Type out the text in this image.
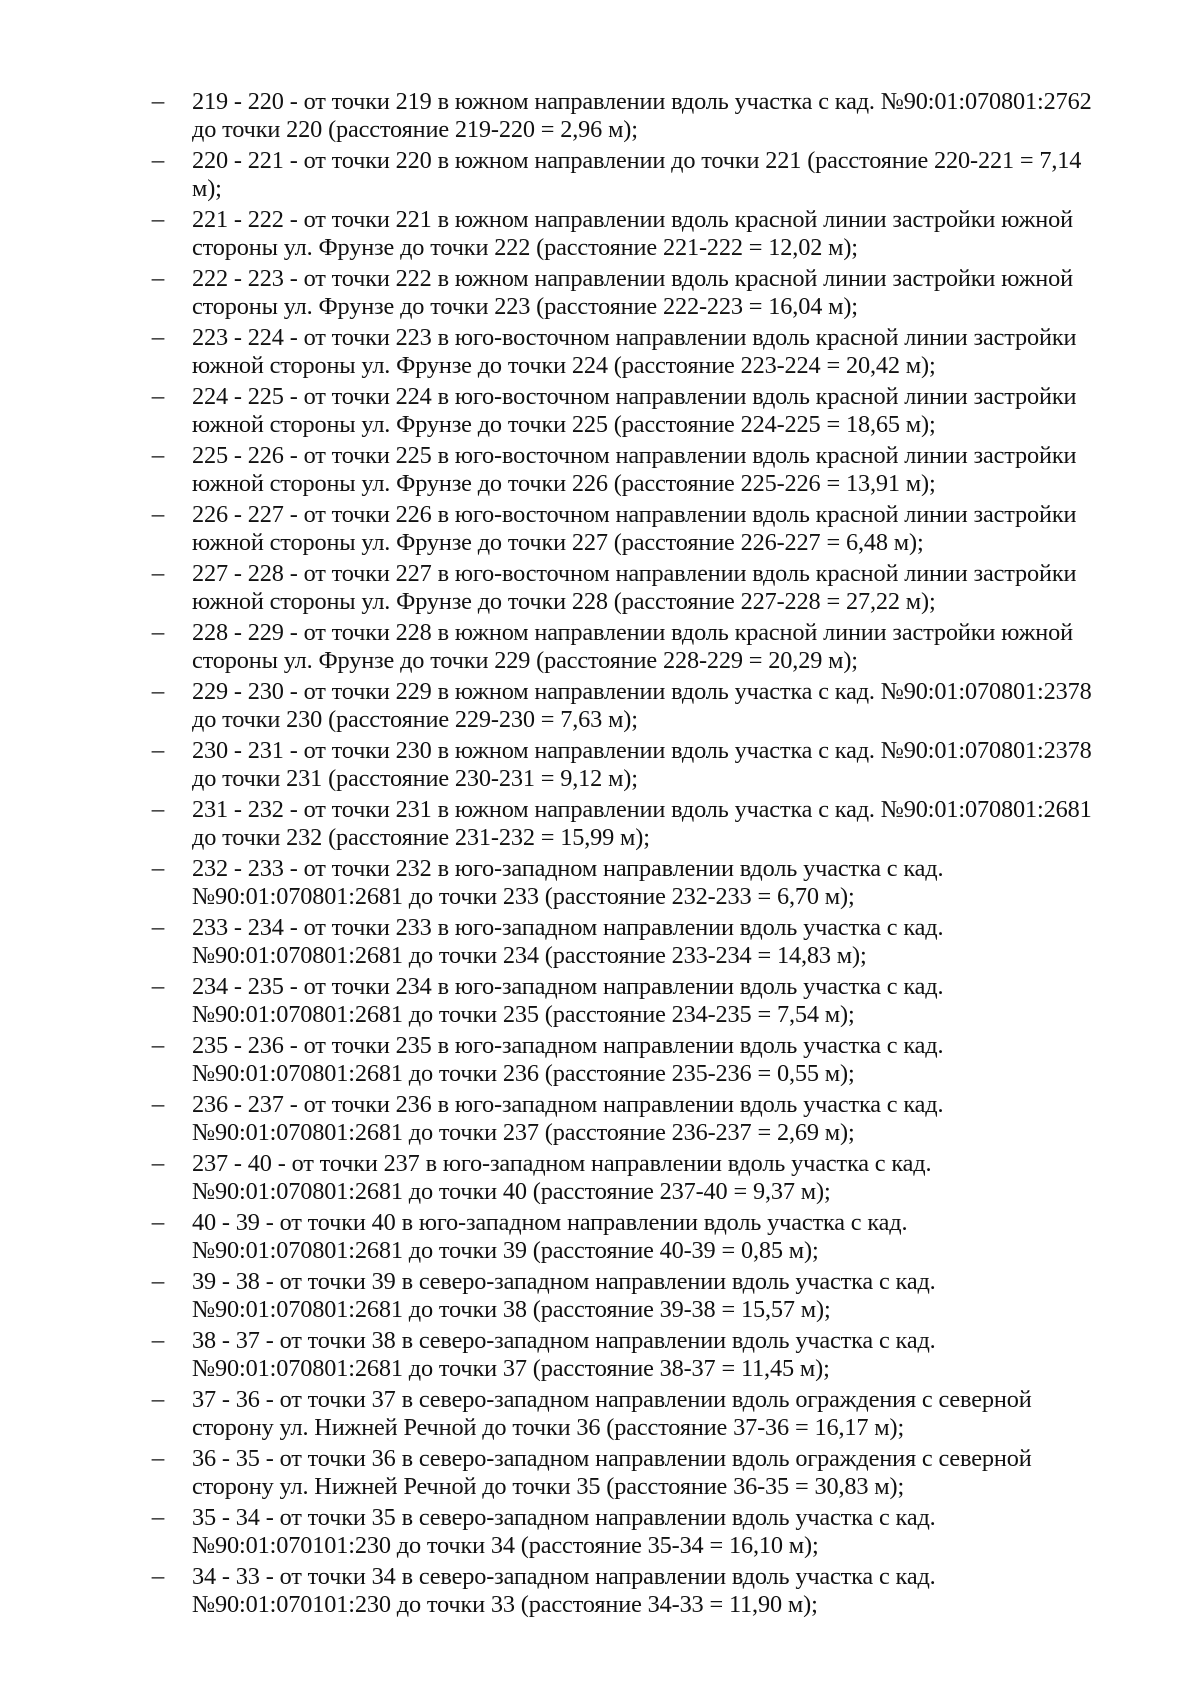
– 219 - 220 - от точки 219 в южном направлении вдоль участка с кад. №90:01:070801:2762
до точки 220 (расстояние 219-220 = 2,96 м);
– 220 - 221 - от точки 220 в южном направлении до точки 221 (расстояние 220-221 = 7,14
м);
– 221 - 222 - от точки 221 в южном направлении вдоль красной линии застройки южной
стороны ул. Фрунзе до точки 222 (расстояние 221-222 = 12,02 м);
– 222 - 223 - от точки 222 в южном направлении вдоль красной линии застройки южной
стороны ул. Фрунзе до точки 223 (расстояние 222-223 = 16,04 м);
– 223 - 224 - от точки 223 в юго-восточном направлении вдоль красной линии застройки
южной стороны ул. Фрунзе до точки 224 (расстояние 223-224 = 20,42 м);
– 224 - 225 - от точки 224 в юго-восточном направлении вдоль красной линии застройки
южной стороны ул. Фрунзе до точки 225 (расстояние 224-225 = 18,65 м);
– 225 - 226 - от точки 225 в юго-восточном направлении вдоль красной линии застройки
южной стороны ул. Фрунзе до точки 226 (расстояние 225-226 = 13,91 м);
– 226 - 227 - от точки 226 в юго-восточном направлении вдоль красной линии застройки
южной стороны ул. Фрунзе до точки 227 (расстояние 226-227 = 6,48 м);
– 227 - 228 - от точки 227 в юго-восточном направлении вдоль красной линии застройки
южной стороны ул. Фрунзе до точки 228 (расстояние 227-228 = 27,22 м);
– 228 - 229 - от точки 228 в южном направлении вдоль красной линии застройки южной
стороны ул. Фрунзе до точки 229 (расстояние 228-229 = 20,29 м);
– 229 - 230 - от точки 229 в южном направлении вдоль участка с кад. №90:01:070801:2378
до точки 230 (расстояние 229-230 = 7,63 м);
– 230 - 231 - от точки 230 в южном направлении вдоль участка с кад. №90:01:070801:2378
до точки 231 (расстояние 230-231 = 9,12 м);
– 231 - 232 - от точки 231 в южном направлении вдоль участка с кад. №90:01:070801:2681
до точки 232 (расстояние 231-232 = 15,99 м);
– 232 - 233 - от точки 232 в юго-западном направлении вдоль участка с кад.
№90:01:070801:2681 до точки 233 (расстояние 232-233 = 6,70 м);
– 233 - 234 - от точки 233 в юго-западном направлении вдоль участка с кад.
№90:01:070801:2681 до точки 234 (расстояние 233-234 = 14,83 м);
– 234 - 235 - от точки 234 в юго-западном направлении вдоль участка с кад.
№90:01:070801:2681 до точки 235 (расстояние 234-235 = 7,54 м);
– 235 - 236 - от точки 235 в юго-западном направлении вдоль участка с кад.
№90:01:070801:2681 до точки 236 (расстояние 235-236 = 0,55 м);
– 236 - 237 - от точки 236 в юго-западном направлении вдоль участка с кад.
№90:01:070801:2681 до точки 237 (расстояние 236-237 = 2,69 м);
– 237 - 40 - от точки 237 в юго-западном направлении вдоль участка с кад.
№90:01:070801:2681 до точки 40 (расстояние 237-40 = 9,37 м);
– 40 - 39 - от точки 40 в юго-западном направлении вдоль участка с кад.
№90:01:070801:2681 до точки 39 (расстояние 40-39 = 0,85 м);
– 39 - 38 - от точки 39 в северо-западном направлении вдоль участка с кад.
№90:01:070801:2681 до точки 38 (расстояние 39-38 = 15,57 м);
– 38 - 37 - от точки 38 в северо-западном направлении вдоль участка с кад.
№90:01:070801:2681 до точки 37 (расстояние 38-37 = 11,45 м);
– 37 - 36 - от точки 37 в северо-западном направлении вдоль ограждения с северной
сторону ул. Нижней Речной до точки 36 (расстояние 37-36 = 16,17 м);
– 36 - 35 - от точки 36 в северо-западном направлении вдоль ограждения с северной
сторону ул. Нижней Речной до точки 35 (расстояние 36-35 = 30,83 м);
– 35 - 34 - от точки 35 в северо-западном направлении вдоль участка с кад.
№90:01:070101:230 до точки 34 (расстояние 35-34 = 16,10 м);
– 34 - 33 - от точки 34 в северо-западном направлении вдоль участка с кад.
№90:01:070101:230 до точки 33 (расстояние 34-33 = 11,90 м);
